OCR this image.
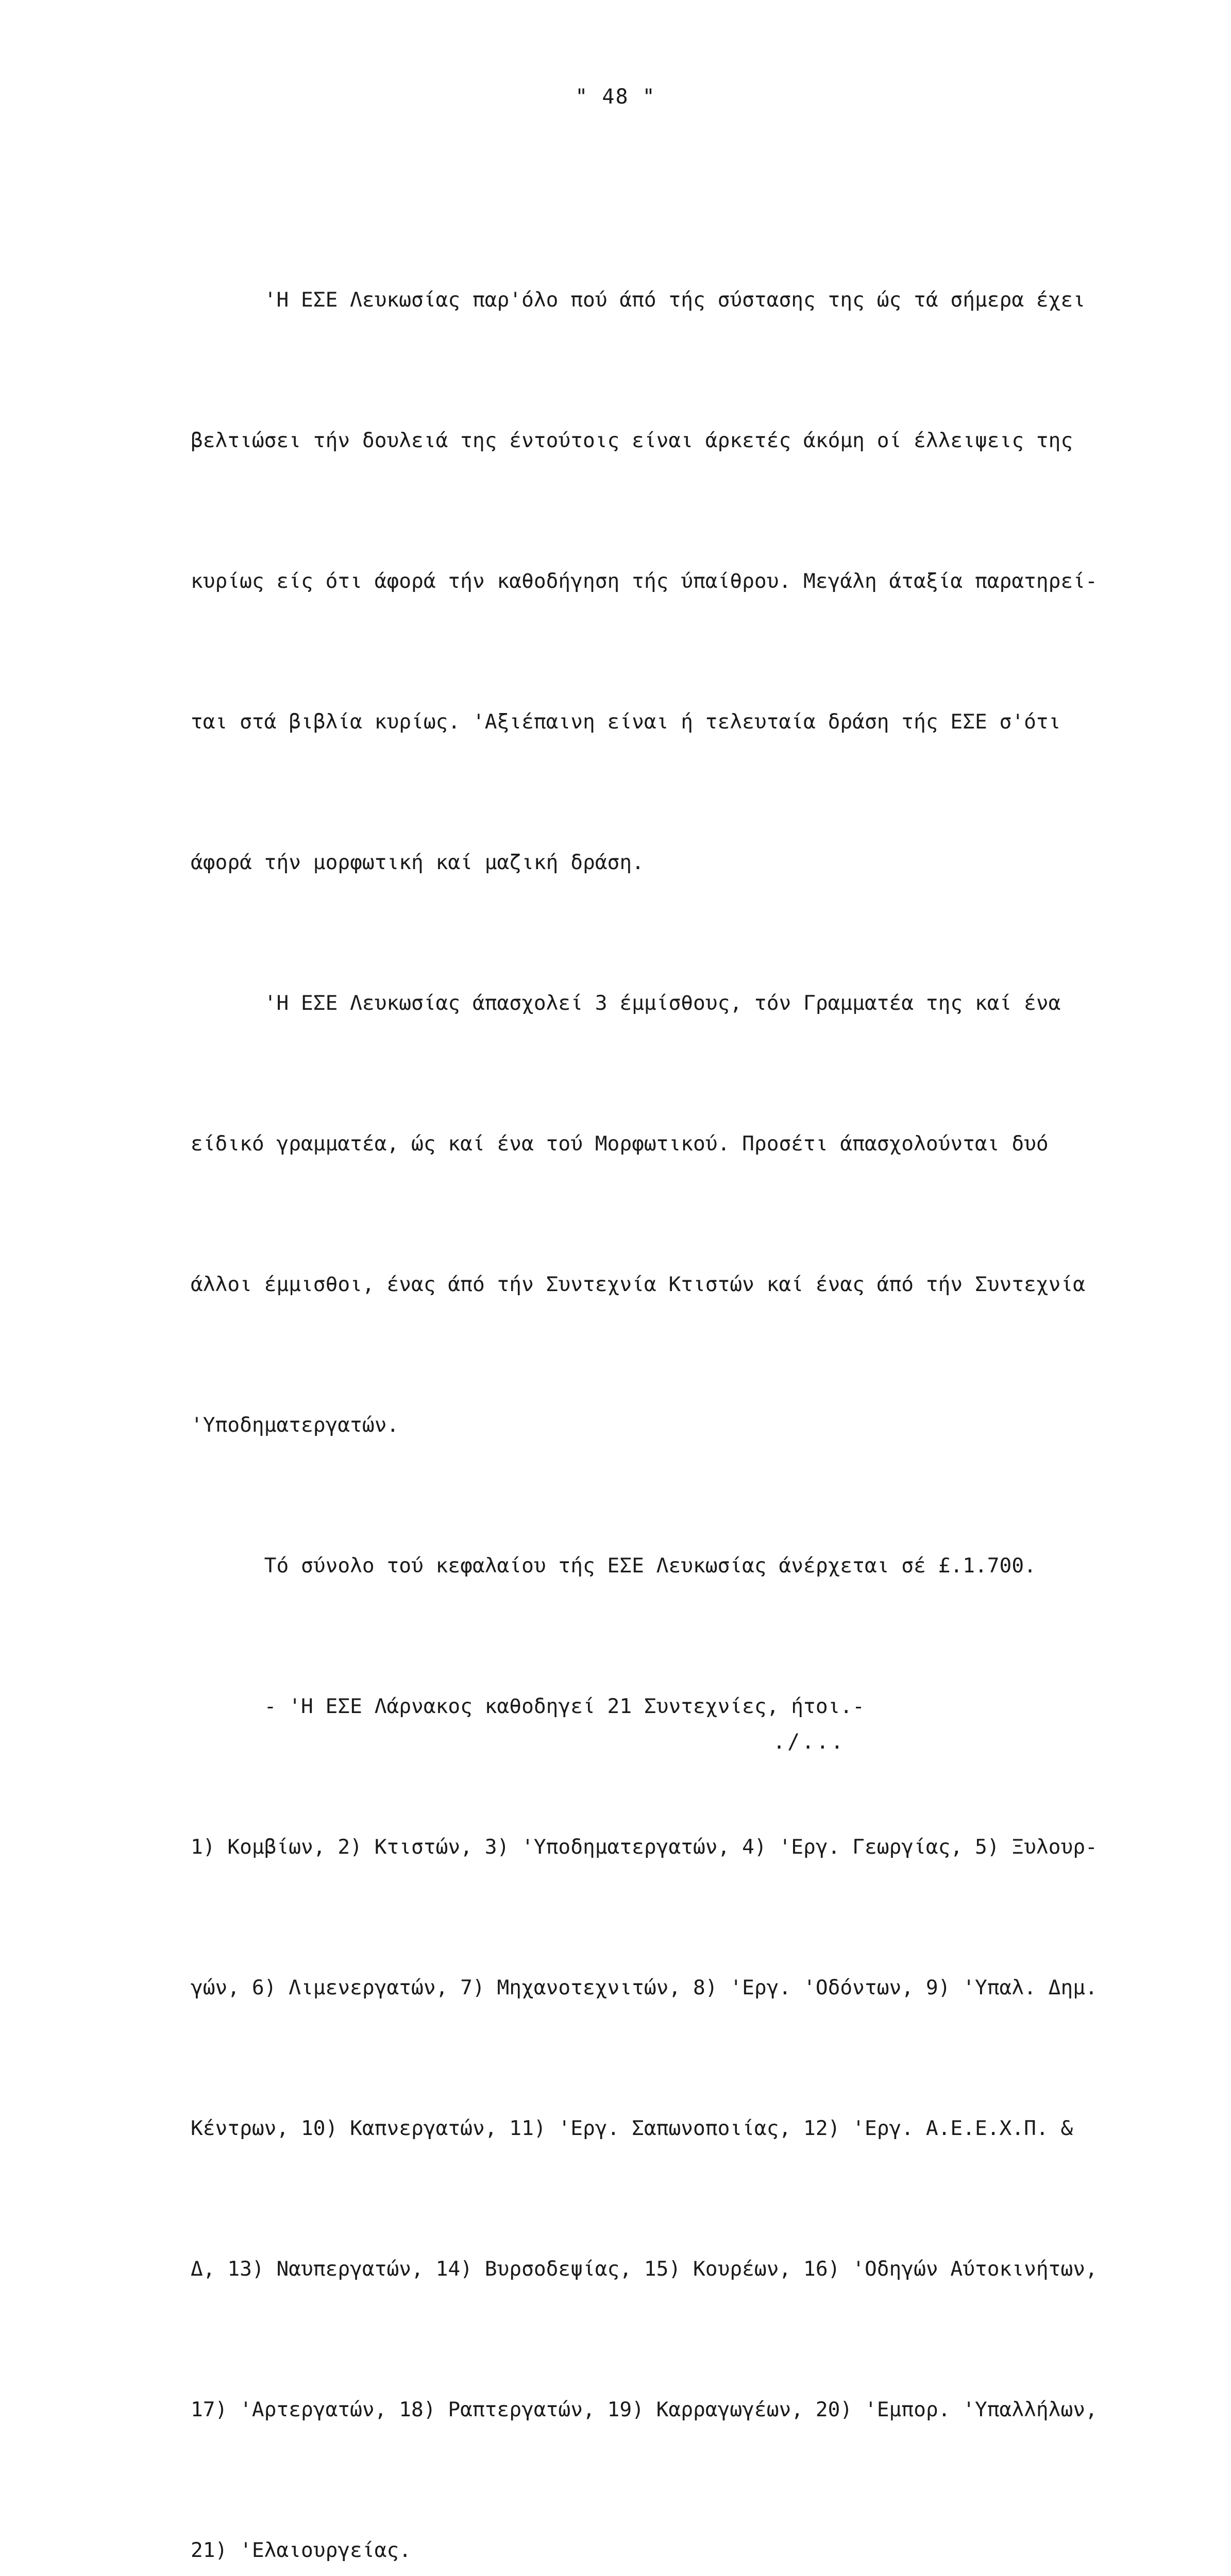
" 48 "

'Η ΕΣΕ Λευκωσίας παρ'όλο πού άπό τής σύστασης της ώς τά σήμερα έχει

βελτιώσει τήν δουλειά της έντούτοις είναι άρκετές άκόμη οί έλλειψεις της

κυρίως είς ότι άφορά τήν καθοδήγηση τής ύπαίθρου. Μεγάλη άταξία παρατηρεί-

ται στά βιβλία κυρίως. 'Αξιέπαινη είναι ή τελευταία δράση τής ΕΣΕ σ'ότι

άφορά τήν μορφωτική καί μαζική δράση.

'Η ΕΣΕ Λευκωσίας άπασχολεί 3 έμμίσθους, τόν Γραμματέα της καί ένα

είδικό γραμματέα, ώς καί ένα τού Μορφωτικού. Προσέτι άπασχολούνται δυό

άλλοι έμμισθοι, ένας άπό τήν Συντεχνία Κτιστών καί ένας άπό τήν Συντεχνία

'Υποδηματεργατών.

Τό σύνολο τού κεφαλαίου τής ΕΣΕ Λευκωσίας άνέρχεται σέ £.1.700.

- 'Η ΕΣΕ Λάρνακος καθοδηγεί 21 Συντεχνίες, ήτοι.-

1) Κομβίων, 2) Κτιστών, 3) 'Υποδηματεργατών, 4) 'Εργ. Γεωργίας, 5) Ξυλουρ-

γών, 6) Λιμενεργατών, 7) Μηχανοτεχνιτών, 8) 'Εργ. 'Οδόντων, 9) 'Υπαλ. Δημ.

Κέντρων, 10) Καπνεργατών, 11) 'Εργ. Σαπωνοποιίας, 12) 'Εργ. Α.Ε.Ε.Χ.Π. &

Δ, 13) Ναυπεργατών, 14) Βυρσοδεψίας, 15) Κουρέων, 16) 'Οδηγών Αύτοκινήτων,

17) 'Αρτεργατών, 18) Ραπτεργατών, 19) Καρραγωγέων, 20) 'Εμπορ. 'Υπαλλήλων,

21) 'Ελαιουργείας.

./...
